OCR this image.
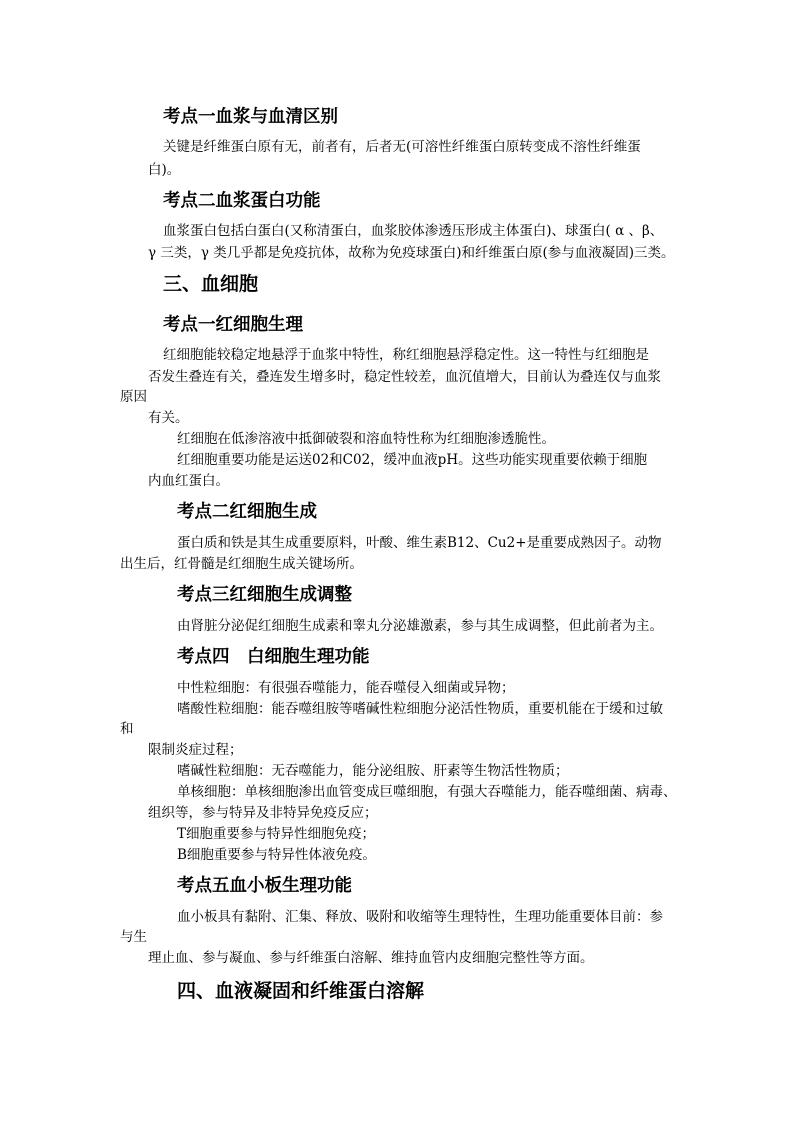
考点一血浆与血清区别
关键是纤维蛋白原有无，前者有，后者无(可溶性纤维蛋白原转变成不溶性纤维蛋
白)。
考点二血浆蛋白功能
血浆蛋白包括白蛋白(又称清蛋白，血浆胶体渗透压形成主体蛋白)、球蛋白( α 、β、
γ 三类，γ 类几乎都是免疫抗体，故称为免疫球蛋白)和纤维蛋白原(参与血液凝固)三类。
三、血细胞
考点一红细胞生理
红细胞能较稳定地悬浮于血浆中特性，称红细胞悬浮稳定性。这一特性与红细胞是
否发生叠连有关，叠连发生增多时，稳定性较差，血沉值增大，目前认为叠连仅与血浆
原因
有关。
红细胞在低渗溶液中抵御破裂和溶血特性称为红细胞渗透脆性。
红细胞重要功能是运送02和C02，缓冲血液pH。这些功能实现重要依赖于细胞
内血红蛋白。
考点二红细胞生成
蛋白质和铁是其生成重要原料，叶酸、维生素B12、Cu2+是重要成熟因子。动物
出生后，红骨髓是红细胞生成关键场所。
考点三红细胞生成调整
由肾脏分泌促红细胞生成素和睾丸分泌雄激素，参与其生成调整，但此前者为主。
考点四　白细胞生理功能
中性粒细胞：有很强吞噬能力，能吞噬侵入细菌或异物；
嗜酸性粒细胞：能吞噬组胺等嗜碱性粒细胞分泌活性物质，重要机能在于缓和过敏
和
限制炎症过程；
嗜碱性粒细胞：无吞噬能力，能分泌组胺、肝素等生物活性物质；
单核细胞：单核细胞渗出血管变成巨噬细胞，有强大吞噬能力，能吞噬细菌、病毒、
组织等，参与特异及非特异免疫反应；
T细胞重要参与特异性细胞免疫；
B细胞重要参与特异性体液免疫。
考点五血小板生理功能
血小板具有黏附、汇集、释放、吸附和收缩等生理特性，生理功能重要体目前：参
与生
理止血、参与凝血、参与纤维蛋白溶解、维持血管内皮细胞完整性等方面。
四、血液凝固和纤维蛋白溶解
